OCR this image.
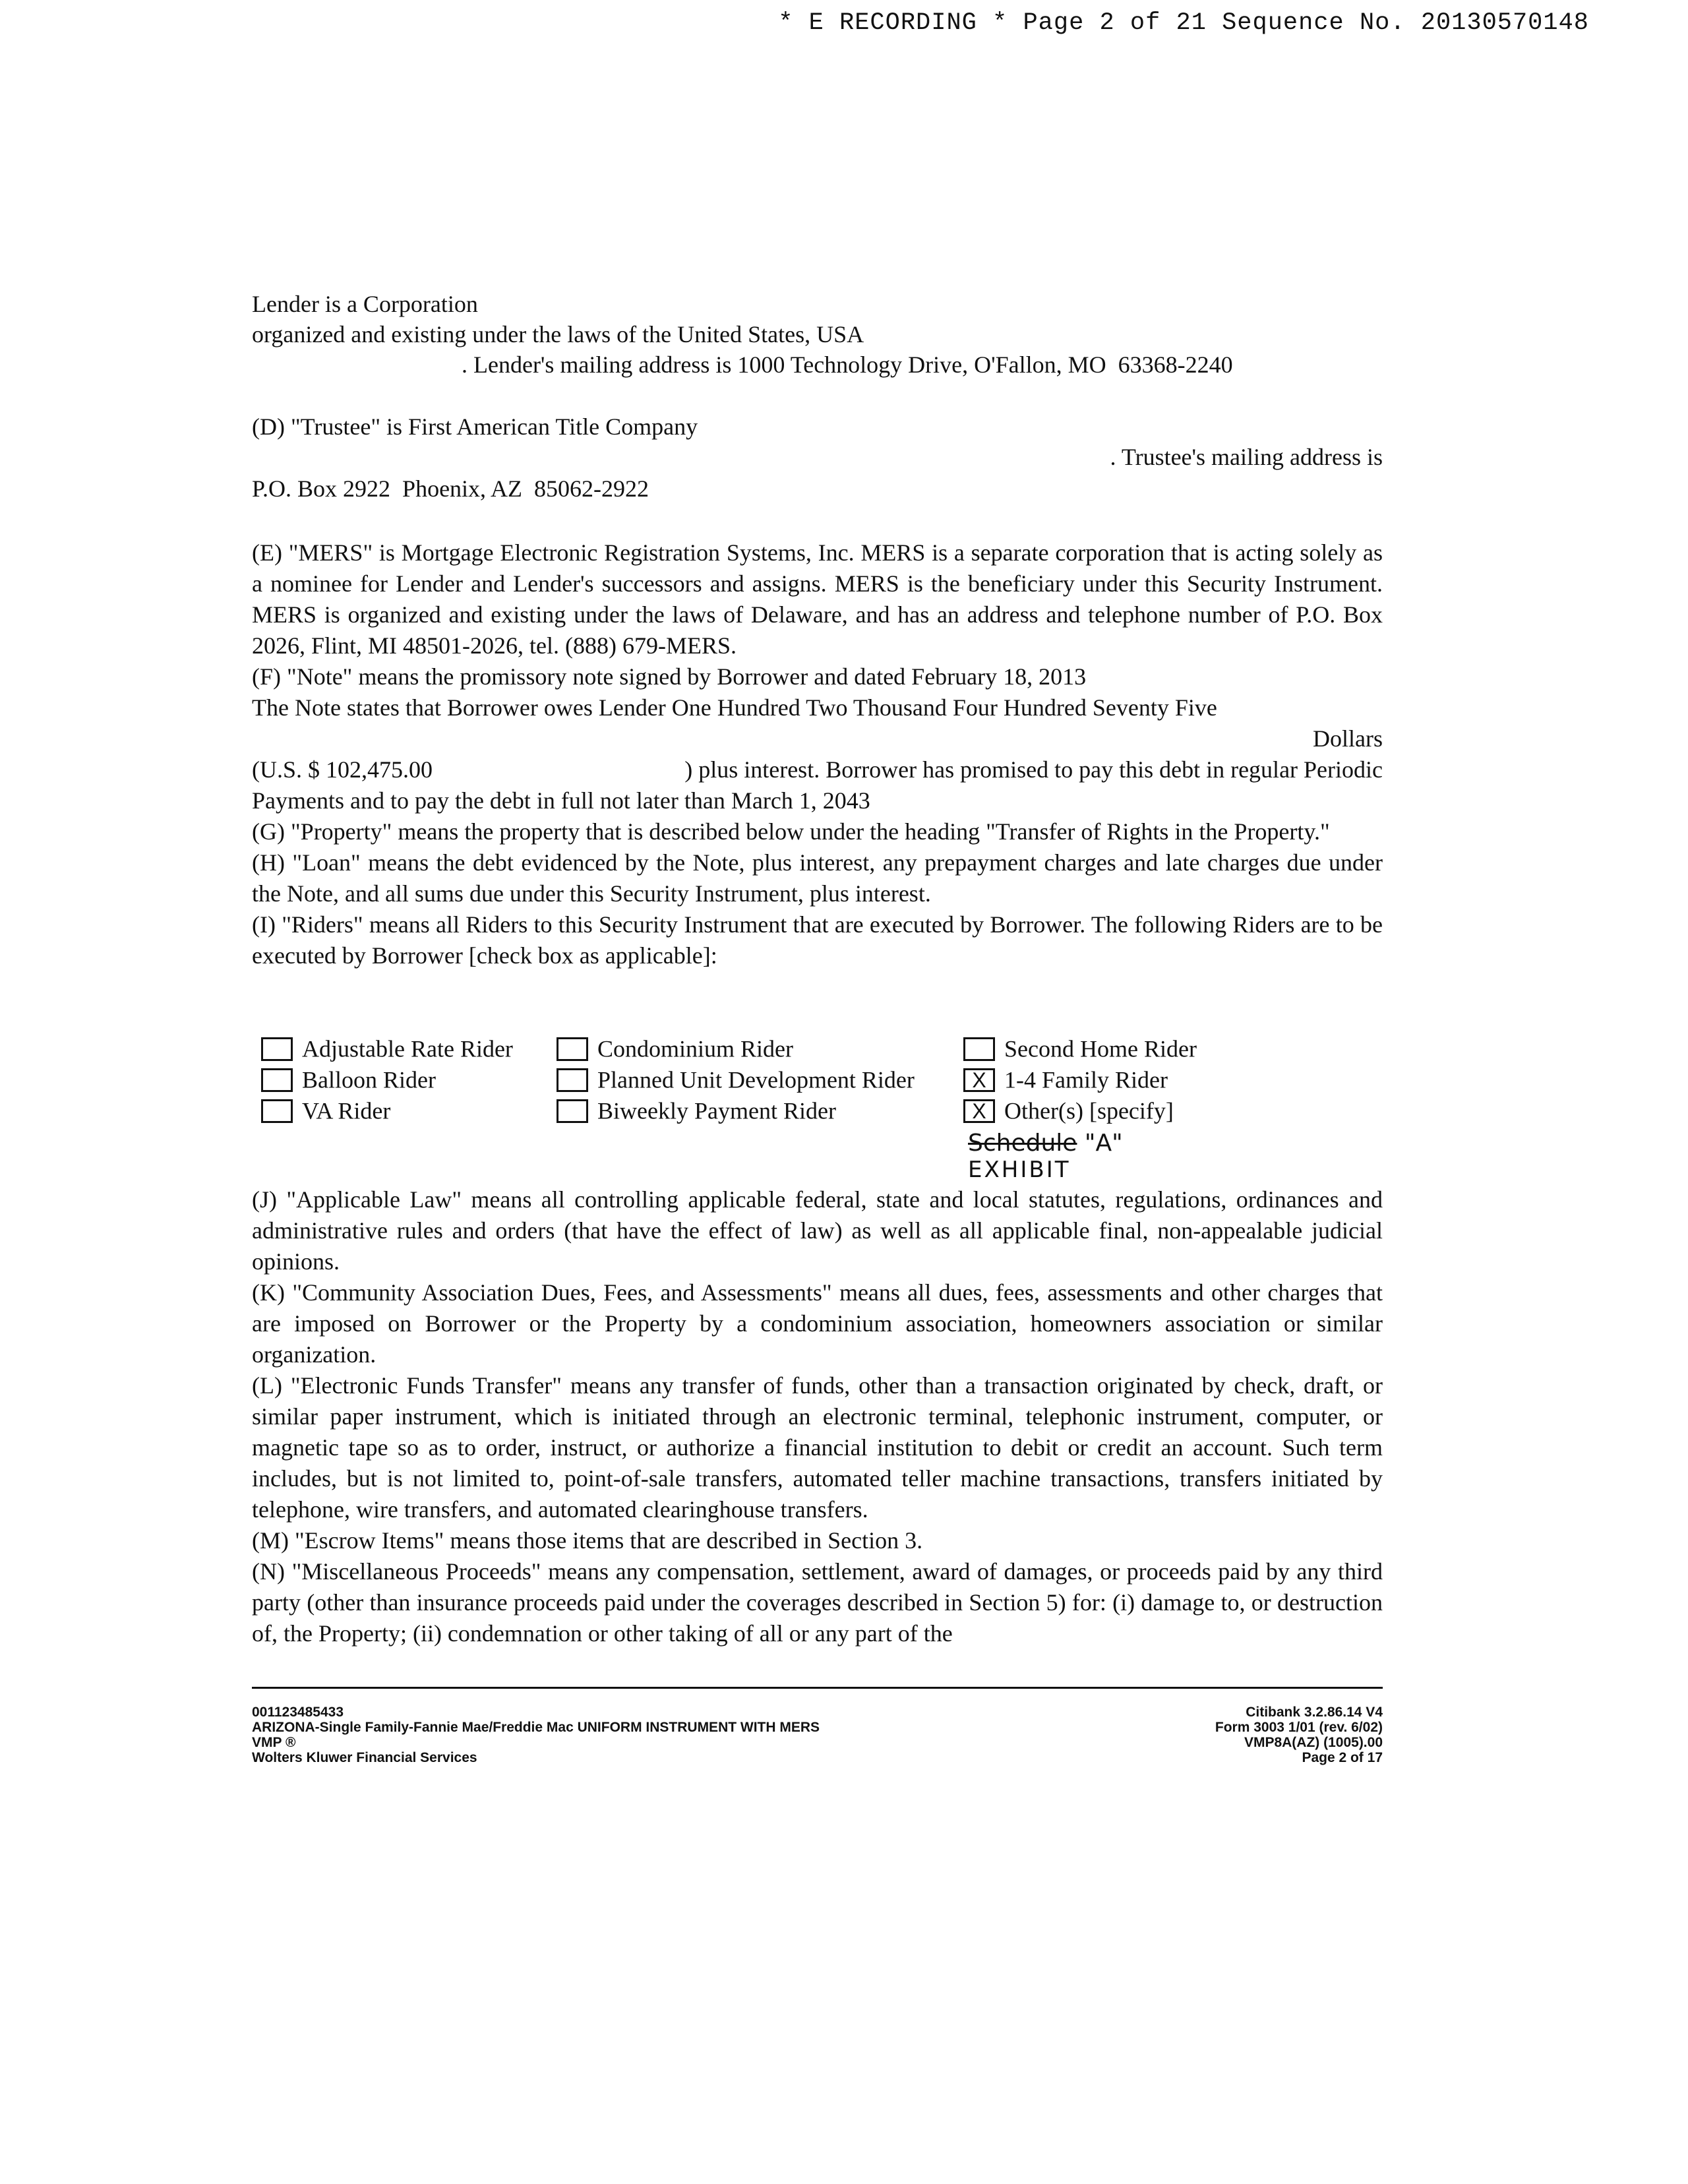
* E RECORDING * Page 2 of 21 Sequence No. 20130570148
Lender is a Corporation
organized and existing under the laws of the United States, USA
. Lender's mailing address is 1000 Technology Drive, O'Fallon, MO  63368-2240
(D) "Trustee" is First American Title Company
. Trustee's mailing address is
P.O. Box 2922  Phoenix, AZ  85062-2922

(E) "MERS" is Mortgage Electronic Registration Systems, Inc. MERS is a separate corporation that is acting solely as a nominee for Lender and Lender's successors and assigns. MERS is the beneficiary under this Security Instrument. MERS is organized and existing under the laws of Delaware, and has an address and telephone number of P.O. Box 2026, Flint, MI 48501-2026, tel. (888) 679-MERS.

(F) "Note" means the promissory note signed by Borrower and dated February 18, 2013

The Note states that Borrower owes Lender One Hundred Two Thousand Four Hundred Seventy Five

Dollars

(U.S. $ 102,475.00	) plus interest. Borrower has promised to pay this debt in regular Periodic

Payments and to pay the debt in full not later than March 1, 2043

(G) "Property" means the property that is described below under the heading "Transfer of Rights in the Property."

(H) "Loan" means the debt evidenced by the Note, plus interest, any prepayment charges and late charges due under the Note, and all sums due under this Security Instrument, plus interest.

(I) "Riders" means all Riders to this Security Instrument that are executed by Borrower. The following Riders are to be executed by Borrower [check box as applicable]:

Adjustable Rate Rider
Balloon Rider
VA Rider
Condominium Rider
Planned Unit Development Rider
Biweekly Payment Rider
Second Home Rider
X 1-4 Family Rider
X Other(s) [specify]
Schedule "A"
EXHIBIT

(J) "Applicable Law" means all controlling applicable federal, state and local statutes, regulations, ordinances and administrative rules and orders (that have the effect of law) as well as all applicable final, non-appealable judicial opinions.

(K) "Community Association Dues, Fees, and Assessments" means all dues, fees, assessments and other charges that are imposed on Borrower or the Property by a condominium association, homeowners association or similar organization.

(L) "Electronic Funds Transfer" means any transfer of funds, other than a transaction originated by check, draft, or similar paper instrument, which is initiated through an electronic terminal, telephonic instrument, computer, or magnetic tape so as to order, instruct, or authorize a financial institution to debit or credit an account. Such term includes, but is not limited to, point-of-sale transfers, automated teller machine transactions, transfers initiated by telephone, wire transfers, and automated clearinghouse transfers.

(M) "Escrow Items" means those items that are described in Section 3.

(N) "Miscellaneous Proceeds" means any compensation, settlement, award of damages, or proceeds paid by any third party (other than insurance proceeds paid under the coverages described in Section 5) for: (i) damage to, or destruction of, the Property; (ii) condemnation or other taking of all or any part of the

001123485433
ARIZONA-Single Family-Fannie Mae/Freddie Mac UNIFORM INSTRUMENT WITH MERS
VMP ®
Wolters Kluwer Financial Services
Citibank 3.2.86.14 V4
Form 3003 1/01 (rev. 6/02)
VMP8A(AZ) (1005).00
Page 2 of 17
